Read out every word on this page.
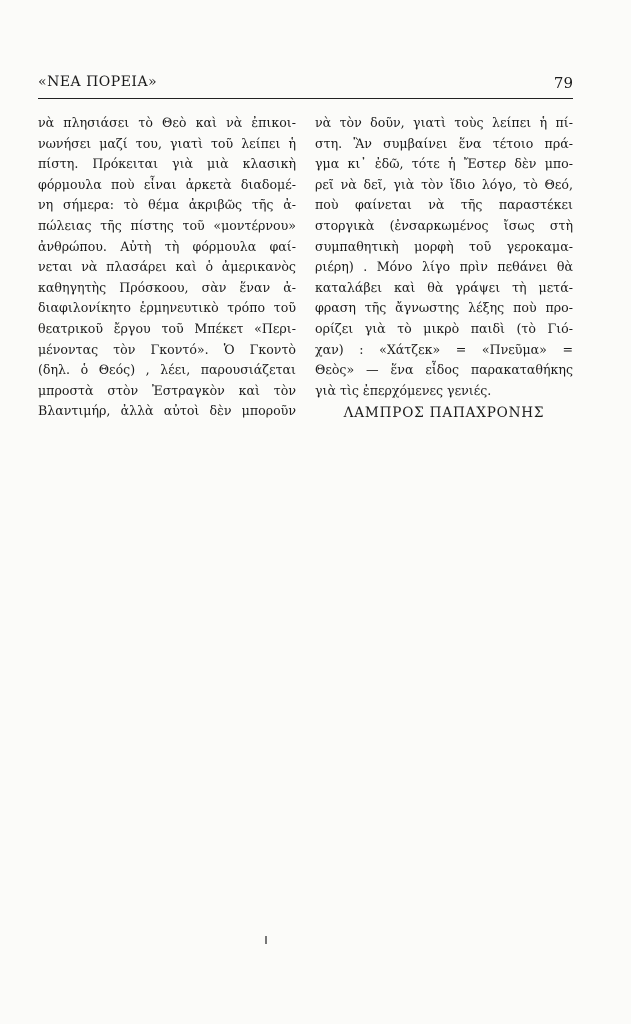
«ΝΕΑ ΠΟΡΕΙΑ»	79
νὰ πλησιάσει τὸ Θεὸ καὶ νὰ ἐπικοι-
νωνήσει μαζί του, γιατὶ τοῦ λείπει ἡ
πίστη. Πρόκειται γιὰ μιὰ κλασικὴ
φόρμουλα ποὺ εἶναι ἀρκετὰ διαδομέ-
νη σήμερα: τὸ θέμα ἀκριβῶς τῆς ἀ-
πώλειας τῆς πίστης τοῦ «μοντέρνου»
ἀνθρώπου. Αὐτὴ τὴ φόρμουλα φαί-
νεται νὰ πλασάρει καὶ ὁ ἀμερικανὸς
καθηγητὴς Πρόσκοου, σὰν ἕναν ἀ-
διαφιλονίκητο ἑρμηνευτικὸ τρόπο τοῦ
θεατρικοῦ ἔργου τοῦ Μπέκετ «Περι-
μένοντας τὸν Γκοντό». Ὁ Γκοντὸ
(δηλ. ὁ Θεός) , λέει, παρουσιάζεται
μπροστὰ στὸν Ἐστραγκὸν καὶ τὸν
Βλαντιμήρ, ἀλλὰ αὐτοὶ δὲν μποροῦν
νὰ τὸν δοῦν, γιατὶ τοὺς λείπει ἡ πί-
στη. Ἂν συμβαίνει ἕνα τέτοιο πρά-
γμα κι᾿ ἐδῶ, τότε ἡ Ἔστερ δὲν μπο-
ρεῖ νὰ δεῖ, γιὰ τὸν ἴδιο λόγο, τὸ Θεό,
ποὺ φαίνεται νὰ τῆς παραστέκει
στοργικὰ (ἐνσαρκωμένος ἴσως στὴ
συμπαθητικὴ μορφὴ τοῦ γεροκαμα-
ριέρη) . Μόνο λίγο πρὶν πεθάνει θὰ
καταλάβει καὶ θὰ γράψει τὴ μετά-
φραση τῆς ἄγνωστης λέξης ποὺ προ-
ορίζει γιὰ τὸ μικρὸ παιδὶ (τὸ Γιό-
χαν) : «Χάτζεκ» = «Πνεῦμα» =
Θεὸς» — ἕνα εἶδος παρακαταθήκης
γιὰ τὶς ἐπερχόμενες γενιές.
ΛΑΜΠΡΟΣ ΠΑΠΑΧΡΟΝΗΣ
